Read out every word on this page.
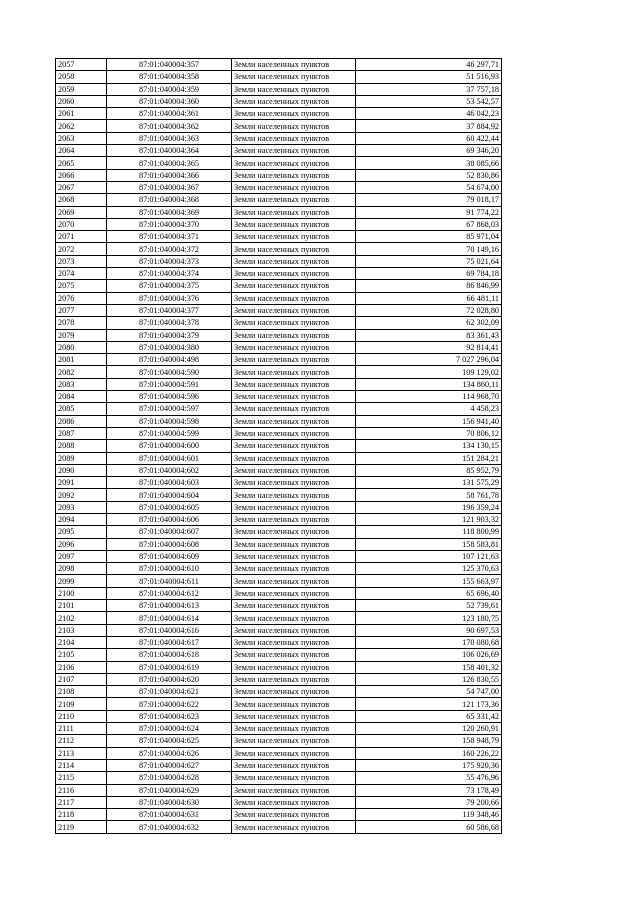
2057	87:01:040004:357	Земли населенных пунктов	46 297,71
2058	87:01:040004:358	Земли населенных пунктов	51 516,93
2059	87:01:040004:359	Земли населенных пунктов	37 757,18
2060	87:01:040004:360	Земли населенных пунктов	53 542,57
2061	87:01:040004:361	Земли населенных пунктов	46 042,23
2062	87:01:040004:362	Земли населенных пунктов	37 884,92
2063	87:01:040004:363	Земли населенных пунктов	60 422,44
2064	87:01:040004:364	Земли населенных пунктов	69 346,20
2065	87:01:040004:365	Земли населенных пунктов	38 085,66
2066	87:01:040004:366	Земли населенных пунктов	52 830,86
2067	87:01:040004:367	Земли населенных пунктов	54 674,00
2068	87:01:040004:368	Земли населенных пунктов	79 018,17
2069	87:01:040004:369	Земли населенных пунктов	91 774,22
2070	87:01:040004:370	Земли населенных пунктов	67 868,03
2071	87:01:040004:371	Земли населенных пунктов	85 971,04
2072	87:01:040004:372	Земли населенных пунктов	70 149,16
2073	87:01:040004:373	Земли населенных пунктов	75 021,64
2074	87:01:040004:374	Земли населенных пунктов	69 784,18
2075	87:01:040004:375	Земли населенных пунктов	86 846,99
2076	87:01:040004:376	Земли населенных пунктов	66 481,11
2077	87:01:040004:377	Земли населенных пунктов	72 028,80
2078	87:01:040004:378	Земли населенных пунктов	62 302,09
2079	87:01:040004:379	Земли населенных пунктов	83 361,43
2080	87:01:040004:380	Земли населенных пунктов	92 814,41
2081	87:01:040004:498	Земли населенных пунктов	7 027 296,04
2082	87:01:040004:590	Земли населенных пунктов	109 129,02
2083	87:01:040004:591	Земли населенных пунктов	134 860,11
2084	87:01:040004:596	Земли населенных пунктов	114 968,70
2085	87:01:040004:597	Земли населенных пунктов	4 458,23
2086	87:01:040004:598	Земли населенных пунктов	156 941,40
2087	87:01:040004:599	Земли населенных пунктов	70 806,12
2088	87:01:040004:600	Земли населенных пунктов	134 130,15
2089	87:01:040004:601	Земли населенных пунктов	151 284,21
2090	87:01:040004:602	Земли населенных пунктов	85 952,79
2091	87:01:040004:603	Земли населенных пунктов	131 575,29
2092	87:01:040004:604	Земли населенных пунктов	58 761,78
2093	87:01:040004:605	Земли населенных пунктов	196 359,24
2094	87:01:040004:606	Земли населенных пунктов	121 903,32
2095	87:01:040004:607	Земли населенных пунктов	118 800,99
2096	87:01:040004:608	Земли населенных пунктов	158 583,81
2097	87:01:040004:609	Земли населенных пунктов	107 121,63
2098	87:01:040004:610	Земли населенных пунктов	125 370,63
2099	87:01:040004:611	Земли населенных пунктов	155 663,97
2100	87:01:040004:612	Земли населенных пунктов	65 696,40
2101	87:01:040004:613	Земли населенных пунктов	52 739,61
2102	87:01:040004:614	Земли населенных пунктов	123 180,75
2103	87:01:040004:616	Земли населенных пунктов	90 697,53
2104	87:01:040004:617	Земли населенных пунктов	170 080,68
2105	87:01:040004:618	Земли населенных пунктов	106 026,69
2106	87:01:040004:619	Земли населенных пунктов	158 401,32
2107	87:01:040004:620	Земли населенных пунктов	126 830,55
2108	87:01:040004:621	Земли населенных пунктов	54 747,00
2109	87:01:040004:622	Земли населенных пунктов	121 173,36
2110	87:01:040004:623	Земли населенных пунктов	65 331,42
2111	87:01:040004:624	Земли населенных пунктов	120 260,91
2112	87:01:040004:625	Земли населенных пунктов	158 948,79
2113	87:01:040004:626	Земли населенных пунктов	160 226,22
2114	87:01:040004:627	Земли населенных пунктов	175 920,36
2115	87:01:040004:628	Земли населенных пунктов	55 476,96
2116	87:01:040004:629	Земли населенных пунктов	73 178,49
2117	87:01:040004:630	Земли населенных пунктов	79 200,66
2118	87:01:040004:631	Земли населенных пунктов	119 348,46
2119	87:01:040004:632	Земли населенных пунктов	60 586,68
